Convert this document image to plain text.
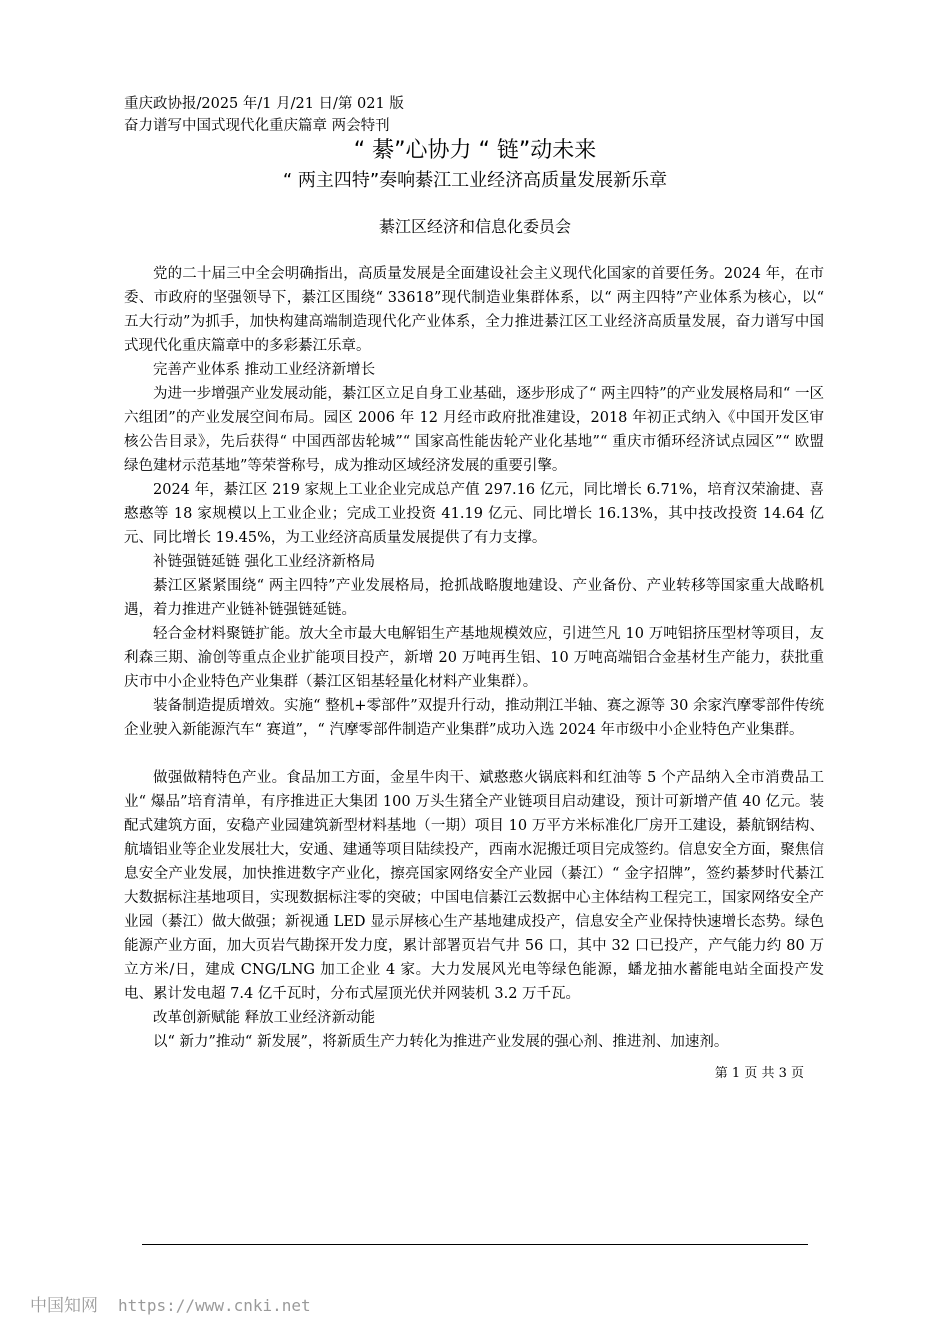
重庆政协报/2025 年/1 月/21 日/第 021 版
奋力谱写中国式现代化重庆篇章 两会特刊
“ 綦”心协力 “ 链”动未来
“ 两主四特”奏响綦江工业经济高质量发展新乐章
綦江区经济和信息化委员会

党的二十届三中全会明确指出，高质量发展是全面建设社会主义现代化国家的首要任务。2024 年，在市委、市政府的坚强领导下，綦江区围绕“ 33618”现代制造业集群体系，以“ 两主四特”产业体系为核心，以“ 五大行动”为抓手，加快构建高端制造现代化产业体系，全力推进綦江区工业经济高质量发展，奋力谱写中国式现代化重庆篇章中的多彩綦江乐章。

完善产业体系 推动工业经济新增长

为进一步增强产业发展动能，綦江区立足自身工业基础，逐步形成了“ 两主四特”的产业发展格局和“ 一区六组团”的产业发展空间布局。园区 2006 年 12 月经市政府批准建设，2018 年初正式纳入《中国开发区审核公告目录》，先后获得“ 中国西部齿轮城”“ 国家高性能齿轮产业化基地”“ 重庆市循环经济试点园区”“ 欧盟绿色建材示范基地”等荣誉称号，成为推动区域经济发展的重要引擎。

2024 年，綦江区 219 家规上工业企业完成总产值 297.16 亿元，同比增长 6.71%，培育汉荣渝捷、喜憨憨等 18 家规模以上工业企业；完成工业投资 41.19 亿元、同比增长 16.13%，其中技改投资 14.64 亿元、同比增长 19.45%，为工业经济高质量发展提供了有力支撑。

补链强链延链 强化工业经济新格局

綦江区紧紧围绕“ 两主四特”产业发展格局，抢抓战略腹地建设、产业备份、产业转移等国家重大战略机遇，着力推进产业链补链强链延链。

轻合金材料聚链扩能。放大全市最大电解铝生产基地规模效应，引进竺凡 10 万吨铝挤压型材等项目，友利森三期、渝创等重点企业扩能项目投产，新增 20 万吨再生铝、10 万吨高端铝合金基材生产能力，获批重庆市中小企业特色产业集群（綦江区铝基轻量化材料产业集群）。

装备制造提质增效。实施“ 整机+零部件”双提升行动，推动荆江半轴、赛之源等 30 余家汽摩零部件传统企业驶入新能源汽车“ 赛道”，“ 汽摩零部件制造产业集群”成功入选 2024 年市级中小企业特色产业集群。

做强做精特色产业。食品加工方面，金星牛肉干、斌憨憨火锅底料和红油等 5 个产品纳入全市消费品工业“ 爆品”培育清单，有序推进正大集团 100 万头生猪全产业链项目启动建设，预计可新增产值 40 亿元。装配式建筑方面，安稳产业园建筑新型材料基地（一期）项目 10 万平方米标准化厂房开工建设，綦航钢结构、航墙铝业等企业发展壮大，安通、建通等项目陆续投产，西南水泥搬迁项目完成签约。信息安全方面，聚焦信息安全产业发展，加快推进数字产业化，擦亮国家网络安全产业园（綦江）“ 金字招牌”，签约綦梦时代綦江大数据标注基地项目，实现数据标注零的突破；中国电信綦江云数据中心主体结构工程完工，国家网络安全产业园（綦江）做大做强；新视通 LED 显示屏核心生产基地建成投产，信息安全产业保持快速增长态势。绿色能源产业方面，加大页岩气勘探开发力度，累计部署页岩气井 56 口，其中 32 口已投产，产气能力约 80 万立方米/日，建成 CNG/LNG 加工企业 4 家。大力发展风光电等绿色能源，蟠龙抽水蓄能电站全面投产发电、累计发电超 7.4 亿千瓦时，分布式屋顶光伏并网装机 3.2 万千瓦。

改革创新赋能 释放工业经济新动能

以“ 新力”推动“ 新发展”，将新质生产力转化为推进产业发展的强心剂、推进剂、加速剂。

第 1 页 共 3 页
中国知网 https://www.cnki.net
